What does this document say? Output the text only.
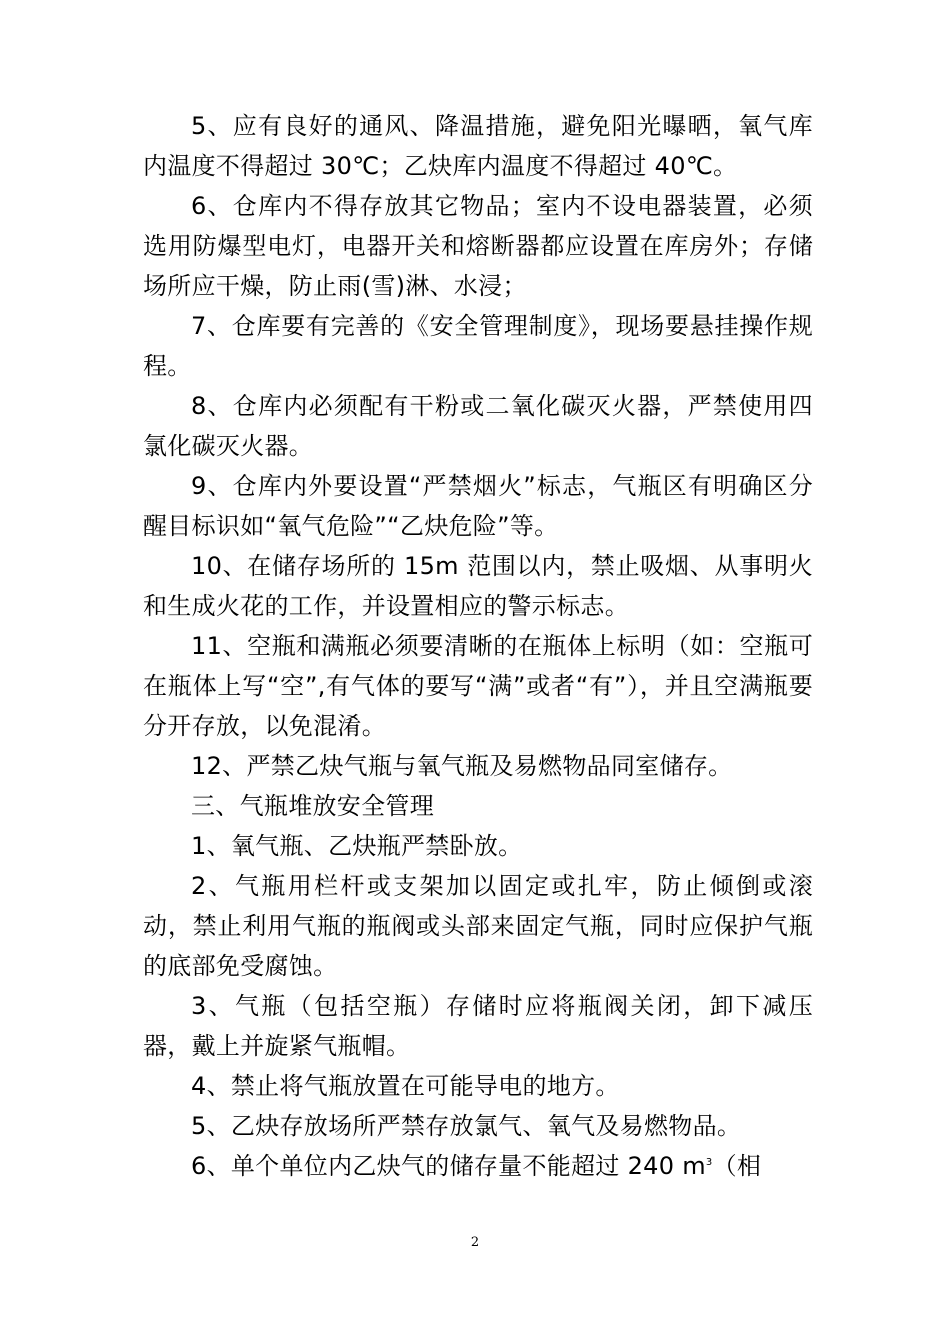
5、应有良好的通风、降温措施，避免阳光曝晒，氧气库内温度不得超过 30℃；乙炔库内温度不得超过 40℃。

6、仓库内不得存放其它物品；室内不设电器装置，必须选用防爆型电灯，电器开关和熔断器都应设置在库房外；存储场所应干燥，防止雨(雪)淋、水浸；

7、仓库要有完善的《安全管理制度》，现场要悬挂操作规程。

8、仓库内必须配有干粉或二氧化碳灭火器，严禁使用四氯化碳灭火器。

9、仓库内外要设置“严禁烟火”标志，气瓶区有明确区分醒目标识如“氧气危险”“乙炔危险”等。

10、在储存场所的 15m 范围以内，禁止吸烟、从事明火和生成火花的工作，并设置相应的警示标志。

11、空瓶和满瓶必须要清晰的在瓶体上标明（如：空瓶可在瓶体上写“空”,有气体的要写“满”或者“有”），并且空满瓶要分开存放，以免混淆。

12、严禁乙炔气瓶与氧气瓶及易燃物品同室储存。

三、气瓶堆放安全管理

1、氧气瓶、乙炔瓶严禁卧放。

2、气瓶用栏杆或支架加以固定或扎牢，防止倾倒或滚动，禁止利用气瓶的瓶阀或头部来固定气瓶，同时应保护气瓶的底部免受腐蚀。

3、气瓶（包括空瓶）存储时应将瓶阀关闭，卸下减压器，戴上并旋紧气瓶帽。

4、禁止将气瓶放置在可能导电的地方。

5、乙炔存放场所严禁存放氯气、氧气及易燃物品。

6、单个单位内乙炔气的储存量不能超过 240 $m^3$（相

2
